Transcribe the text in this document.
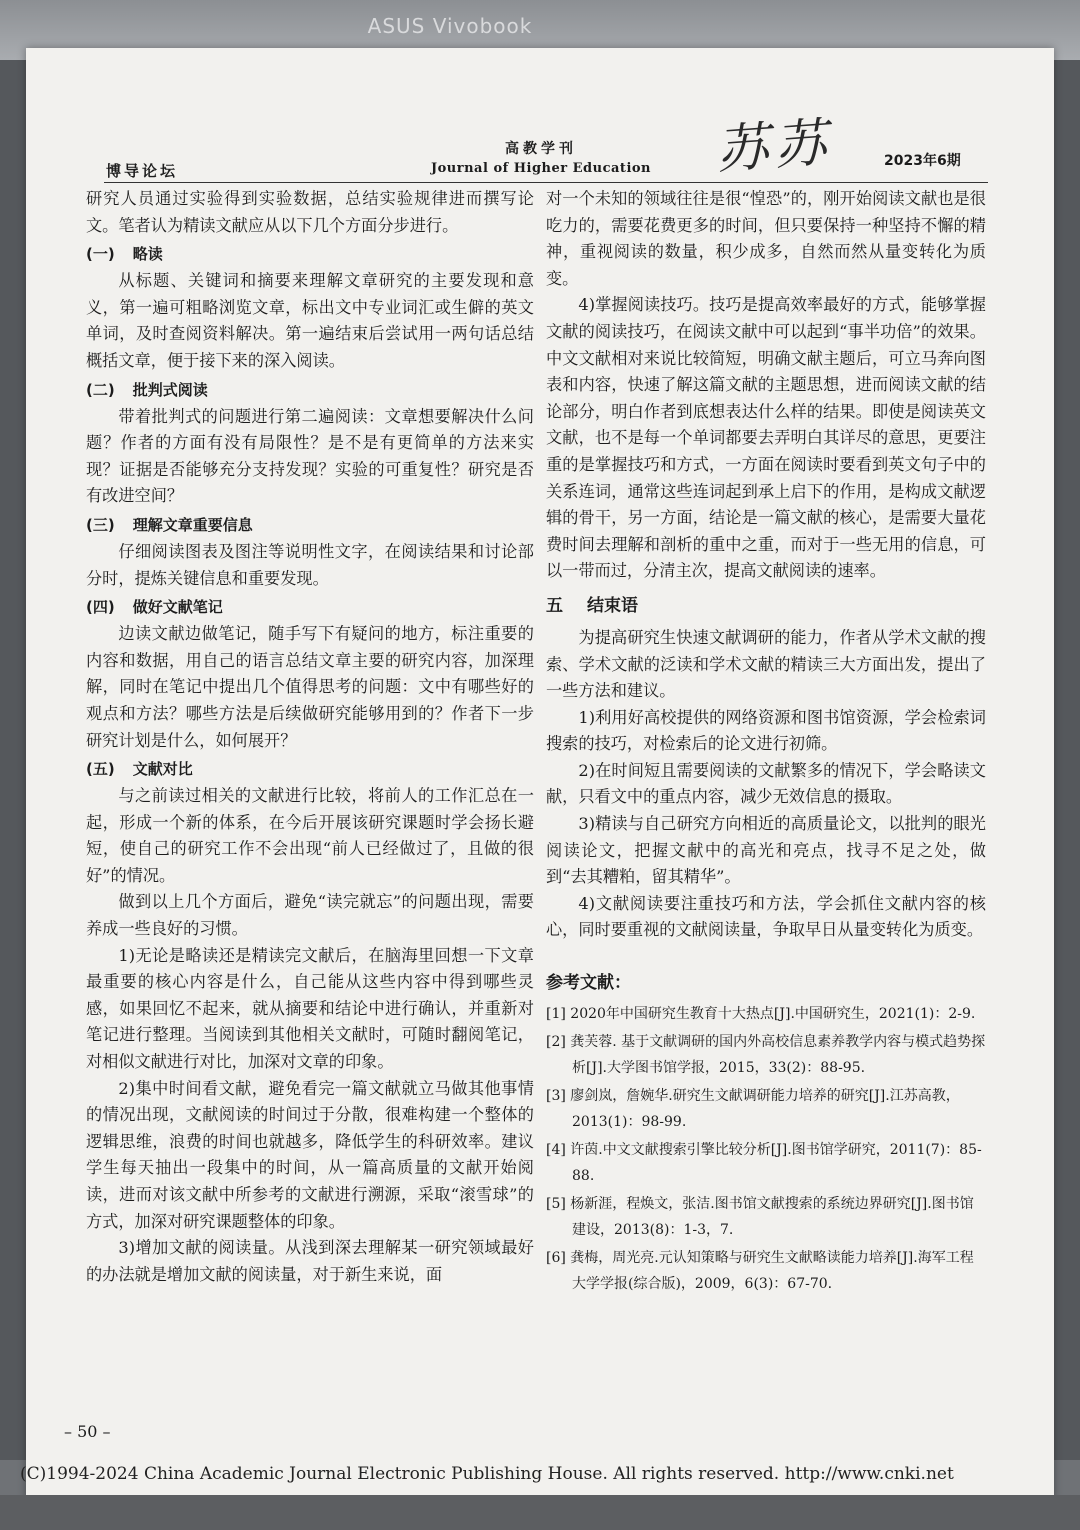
ASUS Vivobook
博导论坛
高教学刊
Journal of Higher Education 苏苏	2023年6期

研究人员通过实验得到实验数据，总结实验规律进而撰写论文。笔者认为精读文献应从以下几个方面分步进行。

(一) 略读

从标题、关键词和摘要来理解文章研究的主要发现和意义，第一遍可粗略浏览文章，标出文中专业词汇或生僻的英文单词，及时查阅资料解决。第一遍结束后尝试用一两句话总结概括文章，便于接下来的深入阅读。

(二) 批判式阅读

带着批判式的问题进行第二遍阅读：文章想要解决什么问题？作者的方面有没有局限性？是不是有更简单的方法来实现？证据是否能够充分支持发现？实验的可重复性？研究是否有改进空间？

(三) 理解文章重要信息

仔细阅读图表及图注等说明性文字，在阅读结果和讨论部分时，提炼关键信息和重要发现。

(四) 做好文献笔记

边读文献边做笔记，随手写下有疑问的地方，标注重要的内容和数据，用自己的语言总结文章主要的研究内容，加深理解，同时在笔记中提出几个值得思考的问题：文中有哪些好的观点和方法？哪些方法是后续做研究能够用到的？作者下一步研究计划是什么，如何展开？

(五) 文献对比

与之前读过相关的文献进行比较，将前人的工作汇总在一起，形成一个新的体系，在今后开展该研究课题时学会扬长避短，使自己的研究工作不会出现“前人已经做过了，且做的很好”的情况。

做到以上几个方面后，避免“读完就忘”的问题出现，需要养成一些良好的习惯。

1)无论是略读还是精读完文献后，在脑海里回想一下文章最重要的核心内容是什么，自己能从这些内容中得到哪些灵感，如果回忆不起来，就从摘要和结论中进行确认，并重新对笔记进行整理。当阅读到其他相关文献时，可随时翻阅笔记，对相似文献进行对比，加深对文章的印象。

2)集中时间看文献，避免看完一篇文献就立马做其他事情的情况出现，文献阅读的时间过于分散，很难构建一个整体的逻辑思维，浪费的时间也就越多，降低学生的科研效率。建议学生每天抽出一段集中的时间，从一篇高质量的文献开始阅读，进而对该文献中所参考的文献进行溯源，采取“滚雪球”的方式，加深对研究课题整体的印象。

3)增加文献的阅读量。从浅到深去理解某一研究领域最好的办法就是增加文献的阅读量，对于新生来说，面

对一个未知的领域往往是很“惶恐”的，刚开始阅读文献也是很吃力的，需要花费更多的时间，但只要保持一种坚持不懈的精神，重视阅读的数量，积少成多，自然而然从量变转化为质变。

4)掌握阅读技巧。技巧是提高效率最好的方式，能够掌握文献的阅读技巧，在阅读文献中可以起到“事半功倍”的效果。中文文献相对来说比较简短，明确文献主题后，可立马奔向图表和内容，快速了解这篇文献的主题思想，进而阅读文献的结论部分，明白作者到底想表达什么样的结果。即使是阅读英文文献，也不是每一个单词都要去弄明白其详尽的意思，更要注重的是掌握技巧和方式，一方面在阅读时要看到英文句子中的关系连词，通常这些连词起到承上启下的作用，是构成文献逻辑的骨干，另一方面，结论是一篇文献的核心，是需要大量花费时间去理解和剖析的重中之重，而对于一些无用的信息，可以一带而过，分清主次，提高文献阅读的速率。

五 结束语

为提高研究生快速文献调研的能力，作者从学术文献的搜索、学术文献的泛读和学术文献的精读三大方面出发，提出了一些方法和建议。

1)利用好高校提供的网络资源和图书馆资源，学会检索词搜索的技巧，对检索后的论文进行初筛。

2)在时间短且需要阅读的文献繁多的情况下，学会略读文献，只看文中的重点内容，减少无效信息的摄取。

3)精读与自己研究方向相近的高质量论文，以批判的眼光阅读论文，把握文献中的高光和亮点，找寻不足之处，做到“去其糟粕，留其精华”。

4)文献阅读要注重技巧和方法，学会抓住文献内容的核心，同时要重视的文献阅读量，争取早日从量变转化为质变。

参考文献：

[1] 2020年中国研究生教育十大热点[J].中国研究生，2021(1)：2-9.

[2] 龚芙蓉. 基于文献调研的国内外高校信息素养教学内容与模式趋势探析[J].大学图书馆学报，2015，33(2)：88-95.

[3] 廖剑岚，詹婉华.研究生文献调研能力培养的研究[J].江苏高教，2013(1)：98-99.

[4] 许茵.中文文献搜索引擎比较分析[J].图书馆学研究，2011(7)：85-88.

[5] 杨新涯，程焕文，张洁.图书馆文献搜索的系统边界研究[J].图书馆建设，2013(8)：1-3，7.

[6] 龚梅，周光亮.元认知策略与研究生文献略读能力培养[J].海军工程大学学报(综合版)，2009，6(3)：67-70.

– 50 –
(C)1994-2024 China Academic Journal Electronic Publishing House. All rights reserved. http://www.cnki.net
